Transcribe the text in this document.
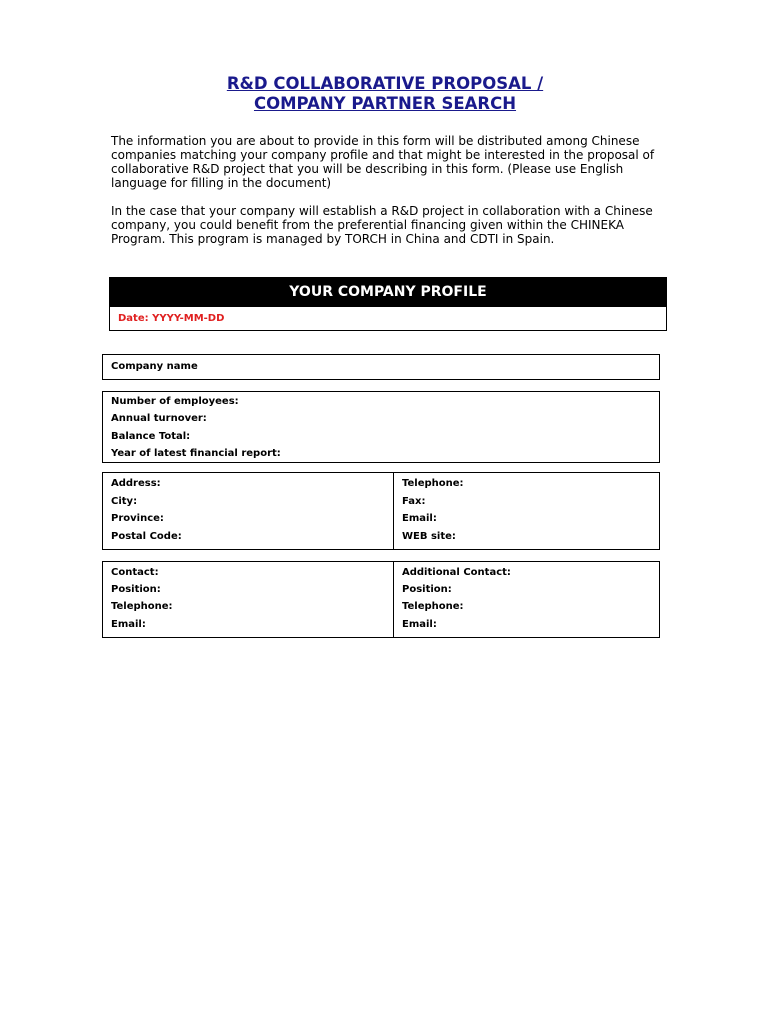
R&D COLLABORATIVE PROPOSAL /
COMPANY PARTNER SEARCH

The information you are about to provide in this form will be distributed among Chinese companies matching your company profile and that might be interested in the proposal of collaborative R&D project that you will be describing in this form. (Please use English language for filling in the document)

In the case that your company will establish a R&D project in collaboration with a Chinese company, you could benefit from the preferential financing given within the CHINEKA Program. This program is managed by TORCH in China and CDTI in Spain.

YOUR COMPANY PROFILE
Date: YYYY-MM-DD
Company name
Number of employees:
Annual turnover:
Balance Total:
Year of latest financial report:
Address:
City:
Province:
Postal Code:
Telephone:
Fax:
Email:
WEB site:
Contact:
Position:
Telephone:
Email:
Additional Contact:
Position:
Telephone:
Email:
